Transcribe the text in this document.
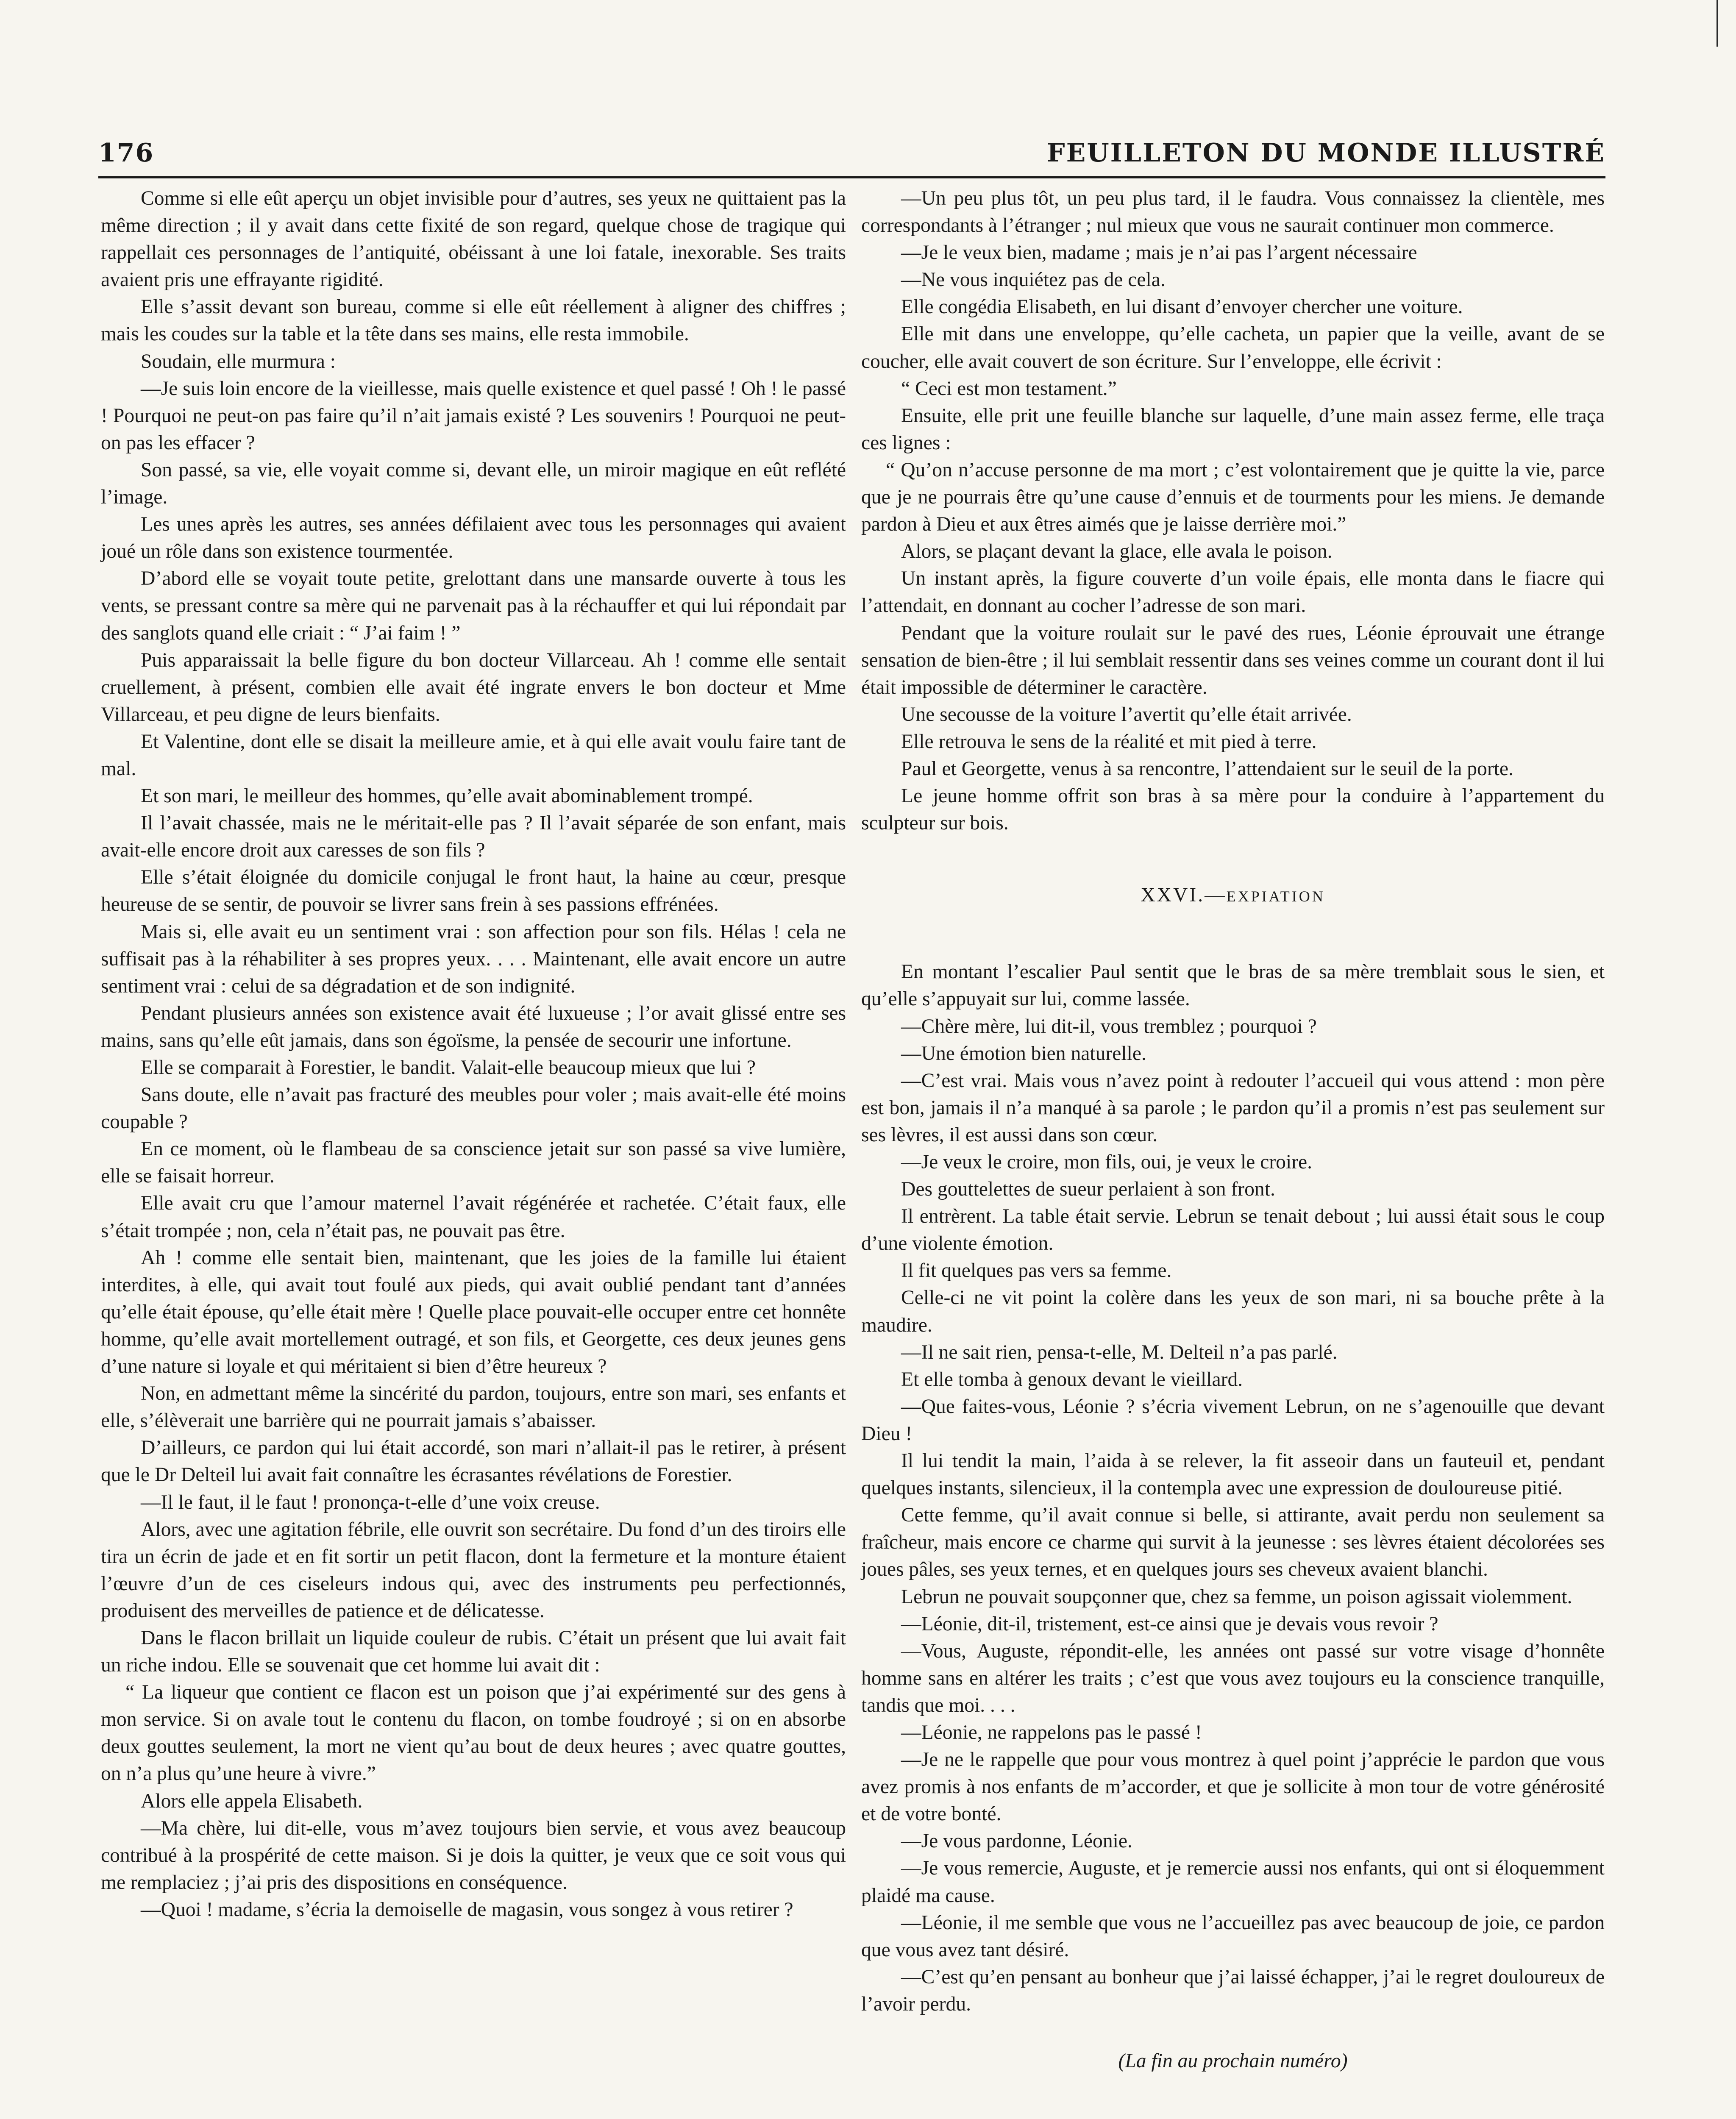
176	FEUILLETON DU MONDE ILLUSTRÉ

Comme si elle eût aperçu un objet invisible pour d’autres, ses yeux ne quittaient pas la même direction ; il y avait dans cette fixité de son regard, quelque chose de tragique qui rappellait ces personnages de l’antiquité, obéissant à une loi fatale, inexorable. Ses traits avaient pris une effrayante rigidité.

Elle s’assit devant son bureau, comme si elle eût réellement à aligner des chiffres ; mais les coudes sur la table et la tête dans ses mains, elle resta immobile.

Soudain, elle murmura :

—Je suis loin encore de la vieillesse, mais quelle existence et quel passé ! Oh ! le passé ! Pourquoi ne peut-on pas faire qu’il n’ait jamais existé ? Les souvenirs ! Pourquoi ne peut-on pas les effacer ?

Son passé, sa vie, elle voyait comme si, devant elle, un miroir magique en eût reflété l’image.

Les unes après les autres, ses années défilaient avec tous les personnages qui avaient joué un rôle dans son existence tourmentée.

D’abord elle se voyait toute petite, grelottant dans une mansarde ouverte à tous les vents, se pressant contre sa mère qui ne parvenait pas à la réchauffer et qui lui répondait par des sanglots quand elle criait : “ J’ai faim ! ”

Puis apparaissait la belle figure du bon docteur Villarceau. Ah ! comme elle sentait cruellement, à présent, combien elle avait été ingrate envers le bon docteur et Mme Villarceau, et peu digne de leurs bienfaits.

Et Valentine, dont elle se disait la meilleure amie, et à qui elle avait voulu faire tant de mal.

Et son mari, le meilleur des hommes, qu’elle avait abominablement trompé.

Il l’avait chassée, mais ne le méritait-elle pas ? Il l’avait séparée de son enfant, mais avait-elle encore droit aux caresses de son fils ?

Elle s’était éloignée du domicile conjugal le front haut, la haine au cœur, presque heureuse de se sentir, de pouvoir se livrer sans frein à ses passions effrénées.

Mais si, elle avait eu un sentiment vrai : son affection pour son fils. Hélas ! cela ne suffisait pas à la réhabiliter à ses propres yeux. . . . Maintenant, elle avait encore un autre sentiment vrai : celui de sa dégradation et de son indignité.

Pendant plusieurs années son existence avait été luxueuse ; l’or avait glissé entre ses mains, sans qu’elle eût jamais, dans son égoïsme, la pensée de secourir une infortune.

Elle se comparait à Forestier, le bandit. Valait-elle beaucoup mieux que lui ?

Sans doute, elle n’avait pas fracturé des meubles pour voler ; mais avait-elle été moins coupable ?

En ce moment, où le flambeau de sa conscience jetait sur son passé sa vive lumière, elle se faisait horreur.

Elle avait cru que l’amour maternel l’avait régénérée et rachetée. C’était faux, elle s’était trompée ; non, cela n’était pas, ne pouvait pas être.

Ah ! comme elle sentait bien, maintenant, que les joies de la famille lui étaient interdites, à elle, qui avait tout foulé aux pieds, qui avait oublié pendant tant d’années qu’elle était épouse, qu’elle était mère ! Quelle place pouvait-elle occuper entre cet honnête homme, qu’elle avait mortellement outragé, et son fils, et Georgette, ces deux jeunes gens d’une nature si loyale et qui méritaient si bien d’être heureux ?

Non, en admettant même la sincérité du pardon, toujours, entre son mari, ses enfants et elle, s’élèverait une barrière qui ne pourrait jamais s’abaisser.

D’ailleurs, ce pardon qui lui était accordé, son mari n’allait-il pas le retirer, à présent que le Dr Delteil lui avait fait connaître les écrasantes révélations de Forestier.

—Il le faut, il le faut ! prononça-t-elle d’une voix creuse.

Alors, avec une agitation fébrile, elle ouvrit son secrétaire. Du fond d’un des tiroirs elle tira un écrin de jade et en fit sortir un petit flacon, dont la fermeture et la monture étaient l’œuvre d’un de ces ciseleurs indous qui, avec des instruments peu perfectionnés, produisent des merveilles de patience et de délicatesse.

Dans le flacon brillait un liquide couleur de rubis. C’était un présent que lui avait fait un riche indou. Elle se souvenait que cet homme lui avait dit :

“ La liqueur que contient ce flacon est un poison que j’ai expérimenté sur des gens à mon service. Si on avale tout le contenu du flacon, on tombe foudroyé ; si on en absorbe deux gouttes seulement, la mort ne vient qu’au bout de deux heures ; avec quatre gouttes, on n’a plus qu’une heure à vivre.”

Alors elle appela Elisabeth.

—Ma chère, lui dit-elle, vous m’avez toujours bien servie, et vous avez beaucoup contribué à la prospérité de cette maison. Si je dois la quitter, je veux que ce soit vous qui me remplaciez ; j’ai pris des dispositions en conséquence.

—Quoi ! madame, s’écria la demoiselle de magasin, vous songez à vous retirer ?

—Un peu plus tôt, un peu plus tard, il le faudra. Vous connaissez la clientèle, mes correspondants à l’étranger ; nul mieux que vous ne saurait continuer mon commerce.

—Je le veux bien, madame ; mais je n’ai pas l’argent nécessaire

—Ne vous inquiétez pas de cela.

Elle congédia Elisabeth, en lui disant d’envoyer chercher une voiture.

Elle mit dans une enveloppe, qu’elle cacheta, un papier que la veille, avant de se coucher, elle avait couvert de son écriture. Sur l’enveloppe, elle écrivit :

“ Ceci est mon testament.”

Ensuite, elle prit une feuille blanche sur laquelle, d’une main assez ferme, elle traça ces lignes :

“ Qu’on n’accuse personne de ma mort ; c’est volontairement que je quitte la vie, parce que je ne pourrais être qu’une cause d’ennuis et de tourments pour les miens. Je demande pardon à Dieu et aux êtres aimés que je laisse derrière moi.”

Alors, se plaçant devant la glace, elle avala le poison.

Un instant après, la figure couverte d’un voile épais, elle monta dans le fiacre qui l’attendait, en donnant au cocher l’adresse de son mari.

Pendant que la voiture roulait sur le pavé des rues, Léonie éprouvait une étrange sensation de bien-être ; il lui semblait ressentir dans ses veines comme un courant dont il lui était impossible de déterminer le caractère.

Une secousse de la voiture l’avertit qu’elle était arrivée.

Elle retrouva le sens de la réalité et mit pied à terre.

Paul et Georgette, venus à sa rencontre, l’attendaient sur le seuil de la porte.

Le jeune homme offrit son bras à sa mère pour la conduire à l’appartement du sculpteur sur bois.

XXVI.—EXPIATION

En montant l’escalier Paul sentit que le bras de sa mère tremblait sous le sien, et qu’elle s’appuyait sur lui, comme lassée.

—Chère mère, lui dit-il, vous tremblez ; pourquoi ?

—Une émotion bien naturelle.

—C’est vrai. Mais vous n’avez point à redouter l’accueil qui vous attend : mon père est bon, jamais il n’a manqué à sa parole ; le pardon qu’il a promis n’est pas seulement sur ses lèvres, il est aussi dans son cœur.

—Je veux le croire, mon fils, oui, je veux le croire.

Des gouttelettes de sueur perlaient à son front.

Il entrèrent. La table était servie. Lebrun se tenait debout ; lui aussi était sous le coup d’une violente émotion.

Il fit quelques pas vers sa femme.

Celle-ci ne vit point la colère dans les yeux de son mari, ni sa bouche prête à la maudire.

—Il ne sait rien, pensa-t-elle, M. Delteil n’a pas parlé.

Et elle tomba à genoux devant le vieillard.

—Que faites-vous, Léonie ? s’écria vivement Lebrun, on ne s’agenouille que devant Dieu !

Il lui tendit la main, l’aida à se relever, la fit asseoir dans un fauteuil et, pendant quelques instants, silencieux, il la contempla avec une expression de douloureuse pitié.

Cette femme, qu’il avait connue si belle, si attirante, avait perdu non seulement sa fraîcheur, mais encore ce charme qui survit à la jeunesse : ses lèvres étaient décolorées ses joues pâles, ses yeux ternes, et en quelques jours ses cheveux avaient blanchi.

Lebrun ne pouvait soupçonner que, chez sa femme, un poison agissait violemment.

—Léonie, dit-il, tristement, est-ce ainsi que je devais vous revoir ?

—Vous, Auguste, répondit-elle, les années ont passé sur votre visage d’honnête homme sans en altérer les traits ; c’est que vous avez toujours eu la conscience tranquille, tandis que moi. . . .

—Léonie, ne rappelons pas le passé !

—Je ne le rappelle que pour vous montrez à quel point j’apprécie le pardon que vous avez promis à nos enfants de m’accorder, et que je sollicite à mon tour de votre générosité et de votre bonté.

—Je vous pardonne, Léonie.

—Je vous remercie, Auguste, et je remercie aussi nos enfants, qui ont si éloquemment plaidé ma cause.

—Léonie, il me semble que vous ne l’accueillez pas avec beaucoup de joie, ce pardon que vous avez tant désiré.

—C’est qu’en pensant au bonheur que j’ai laissé échapper, j’ai le regret douloureux de l’avoir perdu.

(La fin au prochain numéro)
